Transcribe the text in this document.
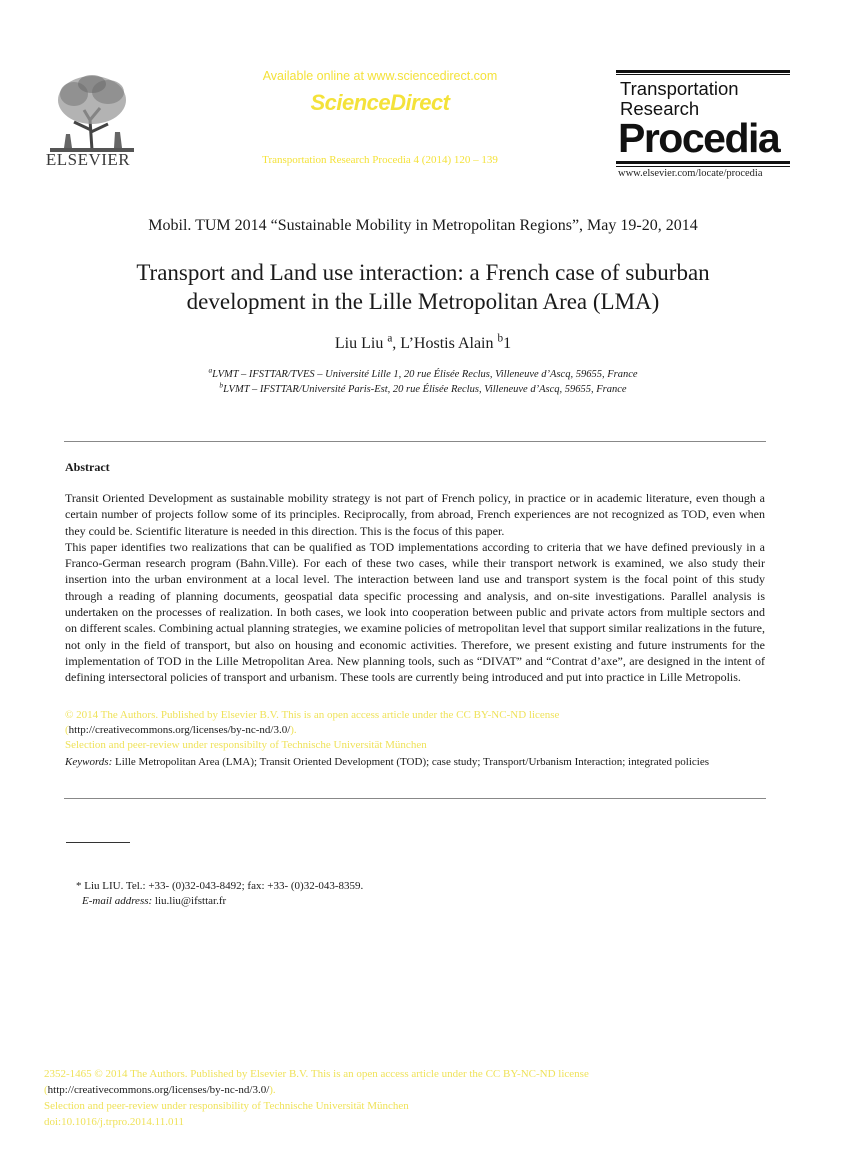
ELSEVIER
Available online at www.sciencedirect.com
ScienceDirect
Transportation Research Procedia 4 (2014) 120 – 139
Transportation
Research
Procedia
www.elsevier.com/locate/procedia
Mobil. TUM 2014 “Sustainable Mobility in Metropolitan Regions”, May 19-20, 2014
Transport and Land use interaction: a French case of suburban
development in the Lille Metropolitan Area (LMA)
Liu Liu $^a$, L’Hostis Alain $^b$1
$^a$LVMT – IFSTTAR/TVES – Université Lille 1, 20 rue Élisée Reclus, Villeneuve d’Ascq, 59655, France
$^b$LVMT – IFSTTAR/Université Paris-Est, 20 rue Élisée Reclus, Villeneuve d’Ascq, 59655, France
Abstract

Transit Oriented Development as sustainable mobility strategy is not part of French policy, in practice or in academic literature, even though a certain number of projects follow some of its principles. Reciprocally, from abroad, French experiences are not recognized as TOD, even when they could be. Scientific literature is needed in this direction. This is the focus of this paper.

This paper identifies two realizations that can be qualified as TOD implementations according to criteria that we have defined previously in a Franco-German research program (Bahn.Ville). For each of these two cases, while their transport network is examined, we also study their insertion into the urban environment at a local level. The interaction between land use and transport system is the focal point of this study through a reading of planning documents, geospatial data specific processing and analysis, and on-site investigations. Parallel analysis is undertaken on the processes of realization. In both cases, we look into cooperation between public and private actors from multiple sectors and on different scales. Combining actual planning strategies, we examine policies of metropolitan level that support similar realizations in the future, not only in the field of transport, but also on housing and economic activities. Therefore, we present existing and future instruments for the implementation of TOD in the Lille Metropolitan Area. New planning tools, such as “DIVAT” and “Contrat d’axe”, are designed in the intent of defining intersectoral policies of transport and urbanism. These tools are currently being introduced and put into practice in Lille Metropolis.

© 2014 The Authors. Published by Elsevier B.V. This is an open access article under the CC BY-NC-ND license
(http://creativecommons.org/licenses/by-nc-nd/3.0/).
Selection and peer-review under responsibilty of Technische Universität München
Keywords: Lille Metropolitan Area (LMA); Transit Oriented Development (TOD); case study; Transport/Urbanism Interaction; integrated policies
* Liu LIU. Tel.: +33- (0)32-043-8492; fax: +33- (0)32-043-8359.
E-mail address: liu.liu@ifsttar.fr
2352-1465 © 2014 The Authors. Published by Elsevier B.V. This is an open access article under the CC BY-NC-ND license
(http://creativecommons.org/licenses/by-nc-nd/3.0/).
Selection and peer-review under responsibility of Technische Universität München
doi:10.1016/j.trpro.2014.11.011
